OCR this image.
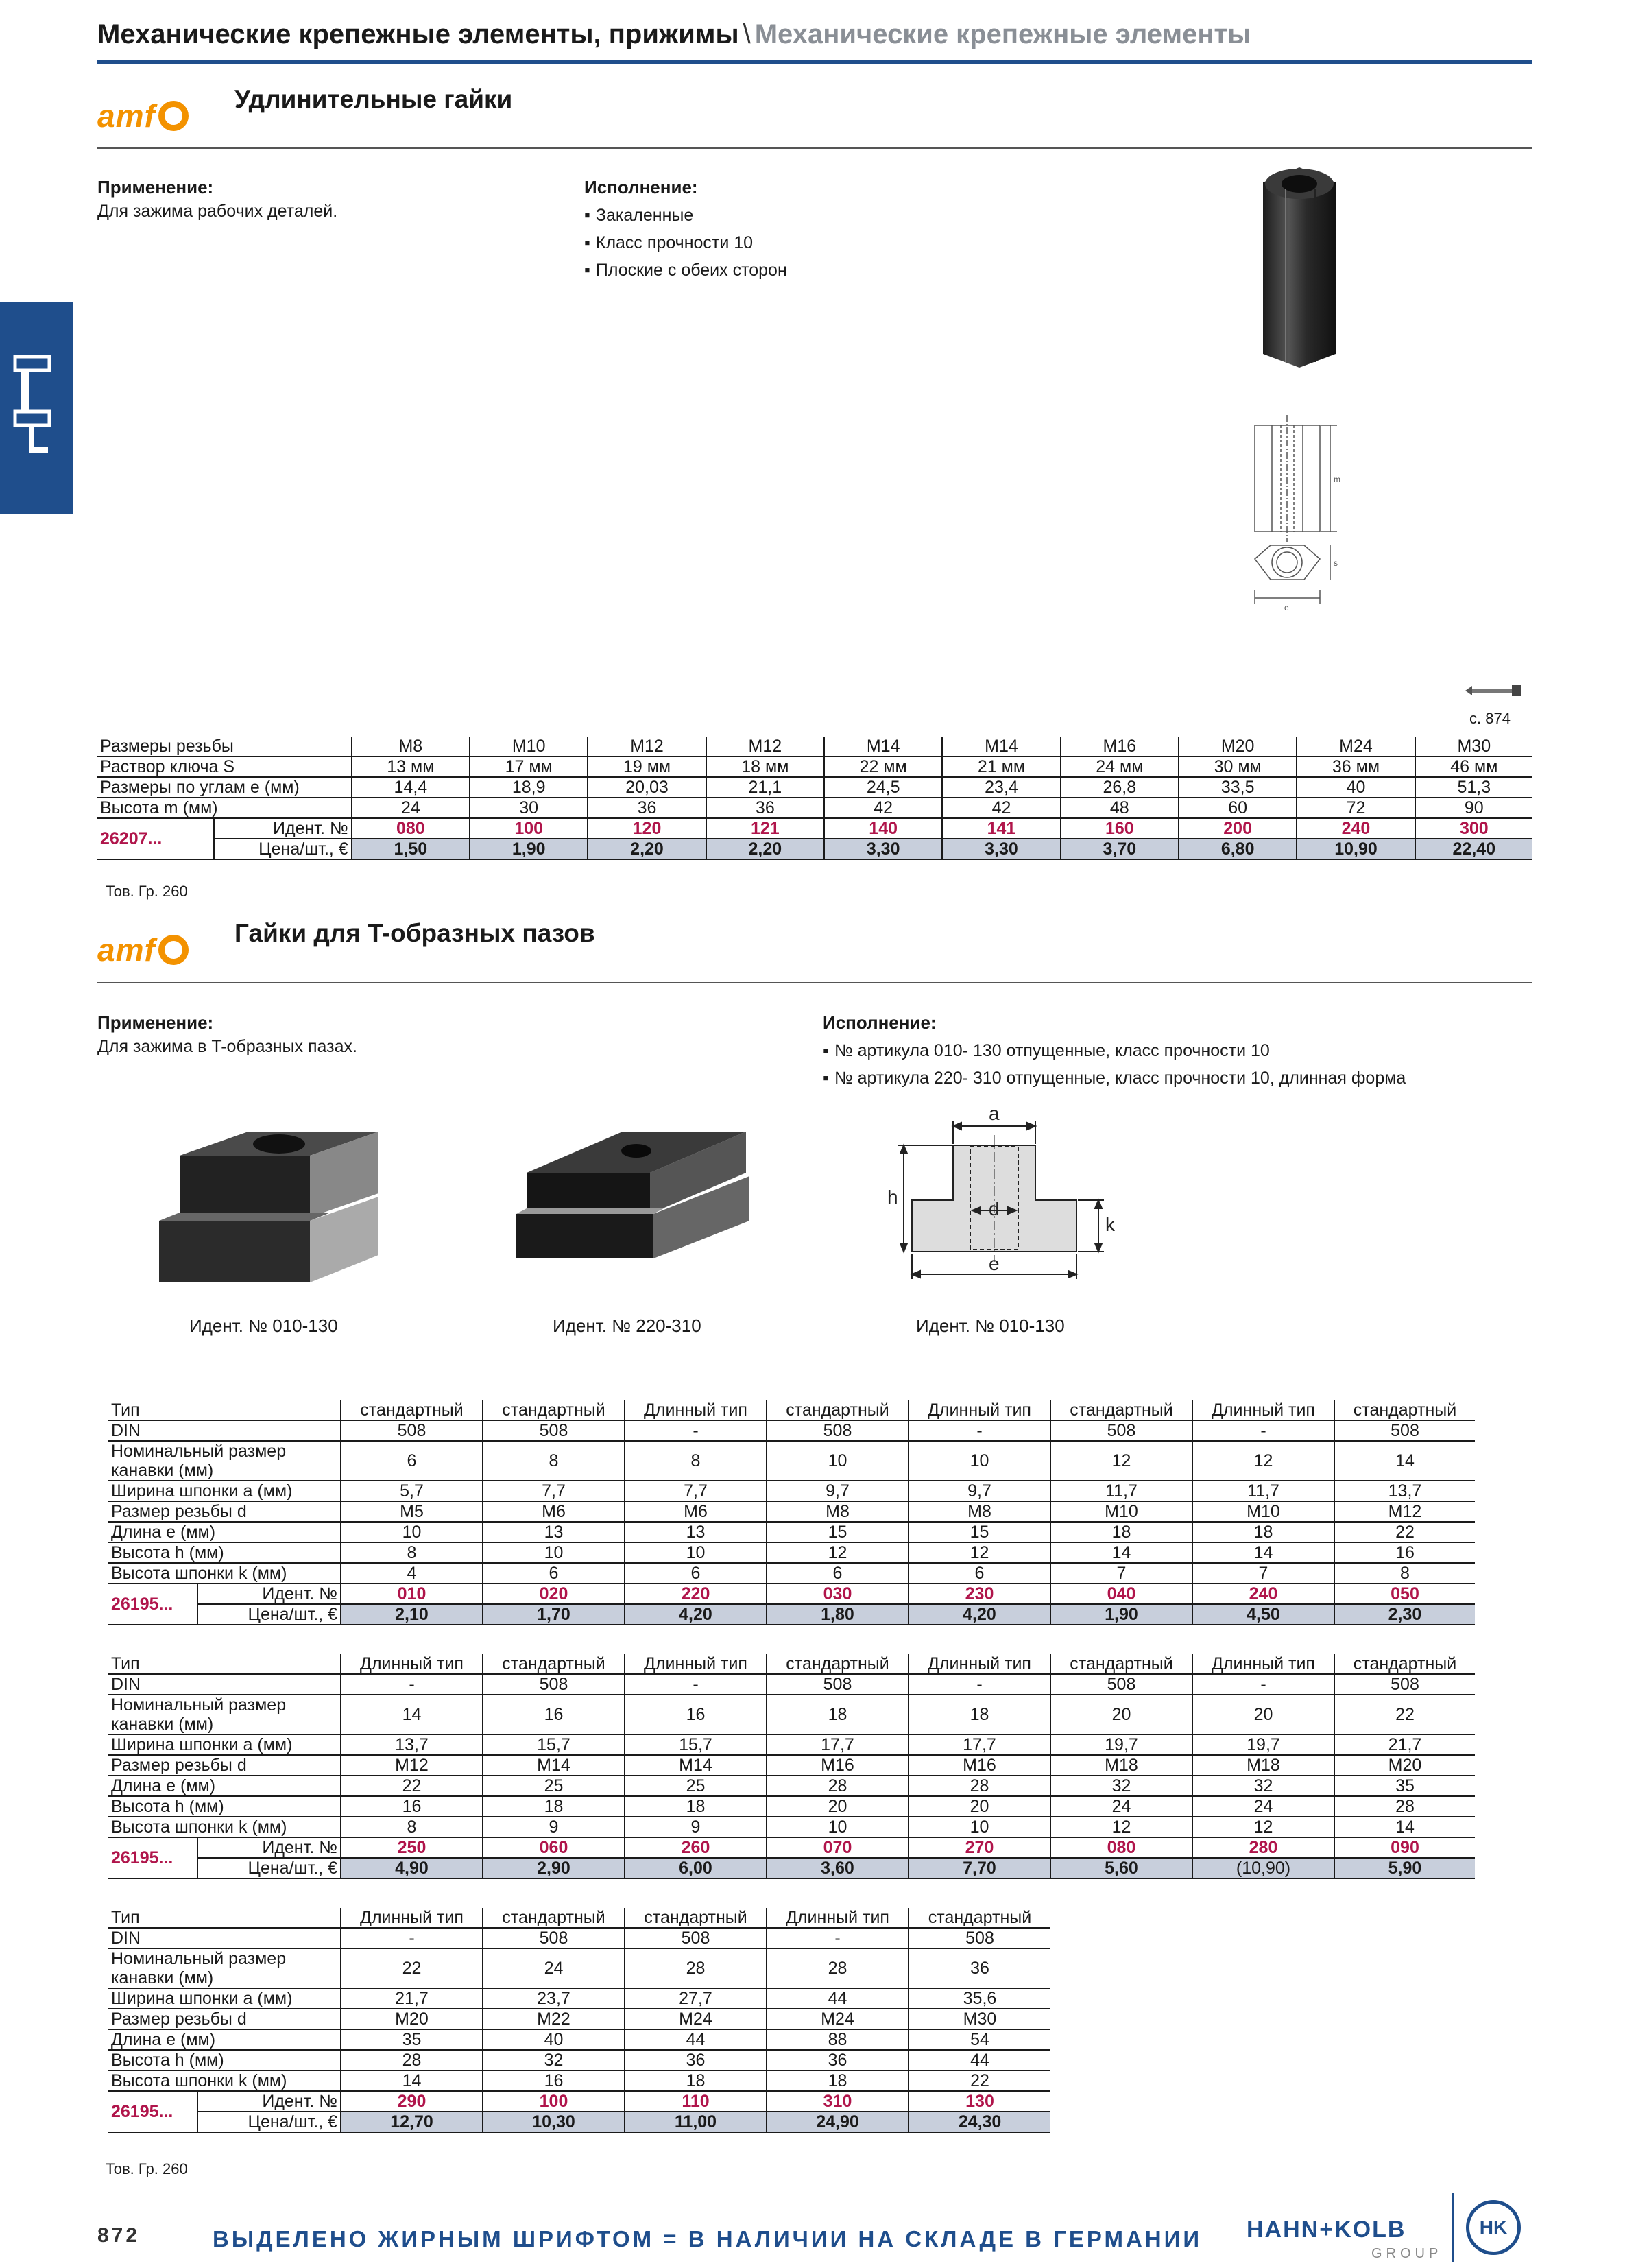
Механические крепежные элементы, прижимы \ Механические крепежные элементы
amf	Удлинительные гайки
Применение:
Для зажима рабочих деталей.
Исполнение:
▪ Закаленные
▪ Класс прочности 10
▪ Плоские с обеих сторон
m
s
e
с. 874
Размеры резьбы		M8	M10	M12	M12	M14	M14	M16	M20	M24	M30
Раствор ключа S		13 мм	17 мм	19 мм	18 мм	22 мм	21 мм	24 мм	30 мм	36 мм	46 мм
Размеры по углам e (мм)		14,4	18,9	20,03	21,1	24,5	23,4	26,8	33,5	40	51,3
Высота m (мм)		24	30	36	36	42	42	48	60	72	90
26207...	Идент. №	080	100	120	121	140	141	160	200	240	300
	Цена/шт., €	1,50	1,90	2,20	2,20	3,30	3,30	3,70	6,80	10,90	22,40
Тов. Гр. 260
amf	Гайки для T-образных пазов
Применение:
Для зажима в T-образных пазах.
Исполнение:
▪ № артикула 010- 130 отпущенные, класс прочности 10
▪ № артикула 220- 310 отпущенные, класс прочности 10, длинная форма
a
h
d
k
e
Идент. № 010-130	Идент. № 220-310	Идент. № 010-130
Тип		стандартный	стандартный	Длинный тип	стандартный	Длинный тип	стандартный	Длинный тип	стандартный
DIN		508	508	-	508	-	508	-	508
Номинальный размер канавки (мм)		6	8	8	10	10	12	12	14
Ширина шпонки a (мм)		5,7	7,7	7,7	9,7	9,7	11,7	11,7	13,7
Размер резьбы d		M5	M6	M6	M8	M8	M10	M10	M12
Длина e (мм)		10	13	13	15	15	18	18	22
Высота h (мм)		8	10	10	12	12	14	14	16
Высота шпонки k (мм)		4	6	6	6	6	7	7	8
26195...	Идент. №	010	020	220	030	230	040	240	050
	Цена/шт., €	2,10	1,70	4,20	1,80	4,20	1,90	4,50	2,30
Тип		Длинный тип	стандартный	Длинный тип	стандартный	Длинный тип	стандартный	Длинный тип	стандартный
DIN		-	508	-	508	-	508	-	508
Номинальный размер канавки (мм)		14	16	16	18	18	20	20	22
Ширина шпонки a (мм)		13,7	15,7	15,7	17,7	17,7	19,7	19,7	21,7
Размер резьбы d		M12	M14	M14	M16	M16	M18	M18	M20
Длина e (мм)		22	25	25	28	28	32	32	35
Высота h (мм)		16	18	18	20	20	24	24	28
Высота шпонки k (мм)		8	9	9	10	10	12	12	14
26195...	Идент. №	250	060	260	070	270	080	280	090
	Цена/шт., €	4,90	2,90	6,00	3,60	7,70	5,60	(10,90)	5,90
Тип		Длинный тип	стандартный	стандартный	Длинный тип	стандартный
DIN		-	508	508	-	508
Номинальный размер канавки (мм)		22	24	28	28	36
Ширина шпонки a (мм)		21,7	23,7	27,7	44	35,6
Размер резьбы d		M20	M22	M24	M24	M30
Длина e (мм)		35	40	44	88	54
Высота h (мм)		28	32	36	36	44
Высота шпонки k (мм)		14	16	18	18	22
26195...	Идент. №	290	100	110	310	130
	Цена/шт., €	12,70	10,30	11,00	24,90	24,30
Тов. Гр. 260
872	ВЫДЕЛЕНО ЖИРНЫМ ШРИФТОМ = В НАЛИЧИИ НА СКЛАДЕ В ГЕРМАНИИ HAHN+KOLB
GROUP
HK
